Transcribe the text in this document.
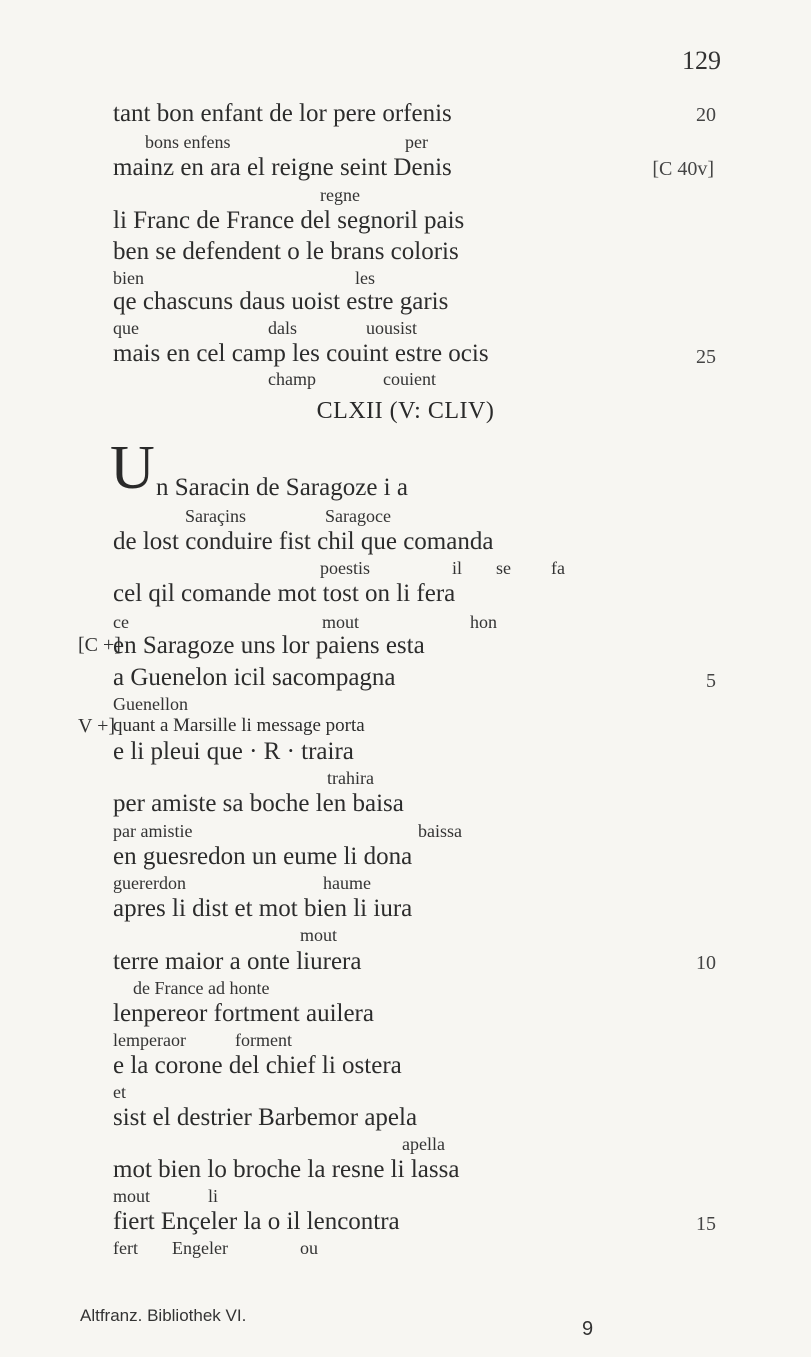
129
tant bon enfant de lor pere orfenis
bons enfens	per
20
mainz en ara el reigne seint Denis
regne
[C 40v]
li Franc de France del segnoril pais
ben se defendent o le brans coloris
bien	les
qe chascuns daus uoist estre garis
que	dals	uousist
mais en cel camp les couint estre ocis
champ	couient
25
CLXII (V: CLIV)
U n Saracin de Saragoze i a
Saraçins	Saragoce
de lost conduire fist chil que comanda
poestis	il se fa
cel qil comande mot tost on li fera
ce	mout	hon
[C +]
en Saragoze uns lor paiens esta
a Guenelon icil sacompagna
Guenellon
5
V +]
quant a Marsille li message porta
e li pleui que · R · traira
trahira
per amiste sa boche len baisa
par amistie	baissa
en guesredon un eume li dona
guererdon	haume
apres li dist et mot bien li iura
mout
terre maior a onte liurera
de France ad honte
10
lenpereor fortment auilera
lemperaor	forment
e la corone del chief li ostera
et
sist el destrier Barbemor apela
apella
mot bien lo broche la resne li lassa
mout	li
fiert Ençeler la o il lencontra
fert Engeler	ou
15
Altfranz. Bibliothek VI.
9
